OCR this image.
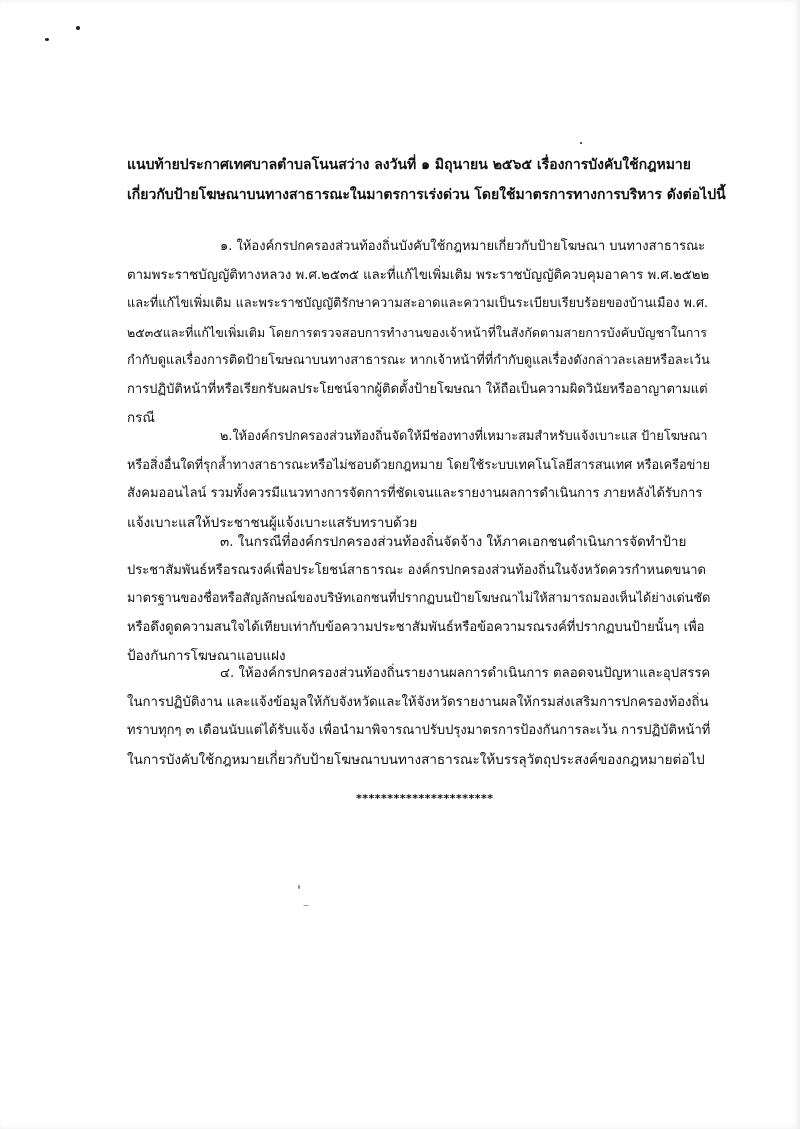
แนบท้ายประกาศเทศบาลตำบลโนนสว่าง ลงวันที่ ๑ มิถุนายน ๒๕๖๕ เรื่องการบังคับใช้กฎหมาย
เกี่ยวกับป้ายโฆษณาบนทางสาธารณะในมาตรการเร่งด่วน โดยใช้มาตรการทางการบริหาร ดังต่อไปนี้
๑. ให้องค์กรปกครองส่วนท้องถิ่นบังคับใช้กฎหมายเกี่ยวกับป้ายโฆษณา บนทางสาธารณะ
ตามพระราชบัญญัติทางหลวง พ.ศ.๒๕๓๕ และที่แก้ไขเพิ่มเติม พระราชบัญญัติควบคุมอาคาร พ.ศ.๒๕๒๒
และที่แก้ไขเพิ่มเติม และพระราชบัญญัติรักษาความสะอาดและความเป็นระเบียบเรียบร้อยของบ้านเมือง พ.ศ.
๒๕๓๕และที่แก้ไขเพิ่มเติม โดยการตรวจสอบการทำงานของเจ้าหน้าที่ในสังกัดตามสายการบังคับบัญชาในการ
กำกับดูแลเรื่องการติดป้ายโฆษณาบนทางสาธารณะ หากเจ้าหน้าที่ที่กำกับดูแลเรื่องดังกล่าวละเลยหรือละเว้น
การปฏิบัติหน้าที่หรือเรียกรับผลประโยชน์จากผู้ติดตั้งป้ายโฆษณา ให้ถือเป็นความผิดวินัยหรืออาญาตามแต่
กรณี
๒.ให้องค์กรปกครองส่วนท้องถิ่นจัดให้มีช่องทางที่เหมาะสมสำหรับแจ้งเบาะแส ป้ายโฆษณา
หรือสิ่งอื่นใดที่รุกล้ำทางสาธารณะหรือไม่ชอบด้วยกฎหมาย โดยใช้ระบบเทคโนโลยีสารสนเทศ หรือเครือข่าย
สังคมออนไลน์ รวมทั้งควรมีแนวทางการจัดการที่ชัดเจนและรายงานผลการดำเนินการ ภายหลังได้รับการ
แจ้งเบาะแสให้ประชาชนผู้แจ้งเบาะแสรับทราบด้วย
๓. ในกรณีที่องค์กรปกครองส่วนท้องถิ่นจัดจ้าง ให้ภาคเอกชนดำเนินการจัดทำป้าย
ประชาสัมพันธ์หรือรณรงค์เพื่อประโยชน์สาธารณะ องค์กรปกครองส่วนท้องถิ่นในจังหวัดควรกำหนดขนาด
มาตรฐานของชื่อหรือสัญลักษณ์ของบริษัทเอกชนที่ปรากฏบนป้ายโฆษณาไม่ให้สามารถมองเห็นได้ย่างเด่นชัด
หรือดึงดูดความสนใจได้เทียบเท่ากับข้อความประชาสัมพันธ์หรือข้อความรณรงค์ที่ปรากฏบนป้ายนั้นๆ เพื่อ
ป้องกันการโฆษณาแอบแฝง
๔. ให้องค์กรปกครองส่วนท้องถิ่นรายงานผลการดำเนินการ ตลอดจนปัญหาและอุปสรรค
ในการปฏิบัติงาน และแจ้งข้อมูลให้กับจังหวัดและให้จังหวัดรายงานผลให้กรมส่งเสริมการปกครองท้องถิ่น
ทราบทุกๆ ๓ เดือนนับแต่ได้รับแจ้ง เพื่อนำมาพิจารณาปรับปรุงมาตรการป้องกันการละเว้น การปฏิบัติหน้าที่
ในการบังคับใช้กฎหมายเกี่ยวกับป้ายโฆษณาบนทางสาธารณะให้บรรลุวัตถุประสงค์ของกฎหมายต่อไป
**********************
